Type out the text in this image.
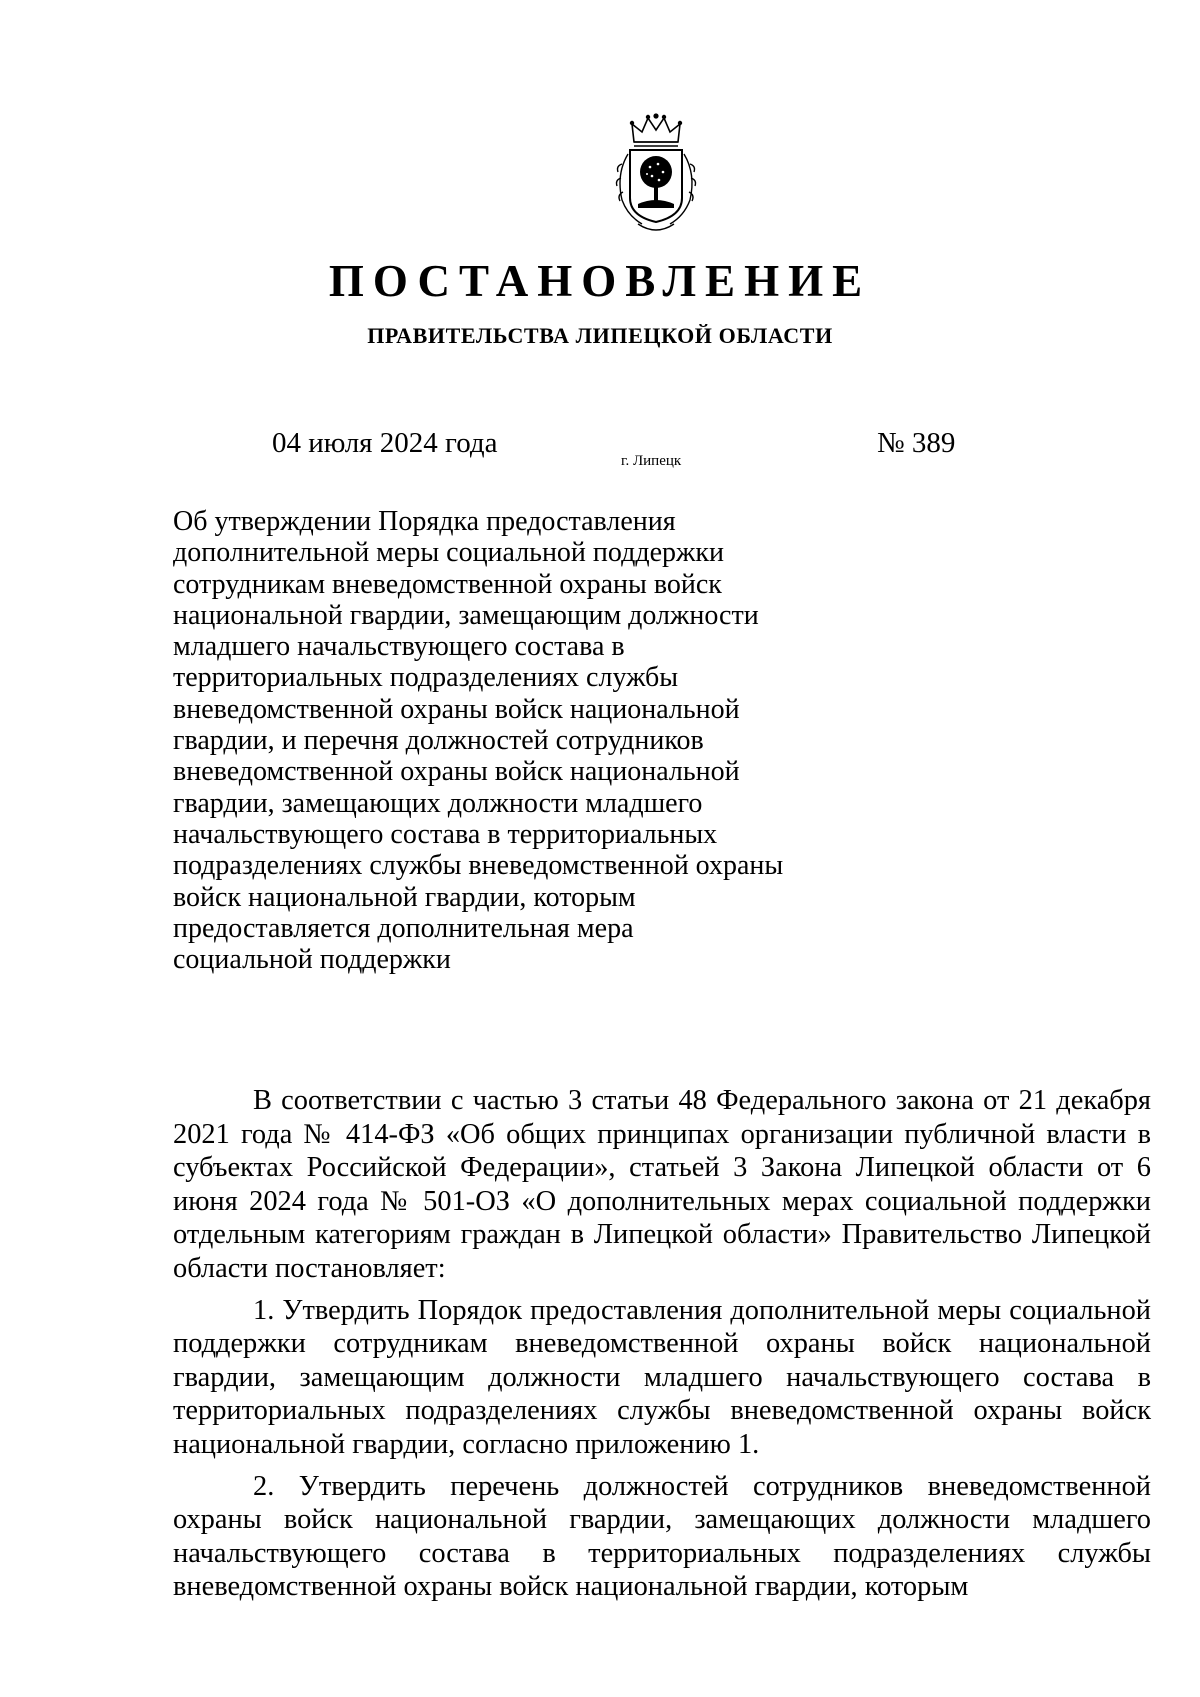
ПОСТАНОВЛЕНИЕ
ПРАВИТЕЛЬСТВА ЛИПЕЦКОЙ ОБЛАСТИ
04 июля 2024 года
г. Липецк
№ 389
Об утверждении Порядка предоставления
дополнительной меры социальной поддержки
сотрудникам вневедомственной охраны войск
национальной гвардии, замещающим должности
младшего начальствующего состава в
территориальных подразделениях службы
вневедомственной охраны войск национальной
гвардии, и перечня должностей сотрудников
вневедомственной охраны войск национальной
гвардии, замещающих должности младшего
начальствующего состава в территориальных
подразделениях службы вневедомственной охраны
войск национальной гвардии, которым
предоставляется дополнительная мера
социальной поддержки

В соответствии с частью 3 статьи 48 Федерального закона от 21 декабря 2021 года № 414-ФЗ «Об общих принципах организации публичной власти в субъектах Российской Федерации», статьей 3 Закона Липецкой области от 6 июня 2024 года № 501-ОЗ «О дополнительных мерах социальной поддержки отдельным категориям граждан в Липецкой области» Правительство Липецкой области постановляет:

1. Утвердить Порядок предоставления дополнительной меры социальной поддержки сотрудникам вневедомственной охраны войск национальной гвардии, замещающим должности младшего начальствующего состава в территориальных подразделениях службы вневедомственной охраны войск национальной гвардии, согласно приложению 1.

2. Утвердить перечень должностей сотрудников вневедомственной охраны войск национальной гвардии, замещающих должности младшего начальствующего состава в территориальных подразделениях службы вневедомственной охраны войск национальной гвардии, которым
